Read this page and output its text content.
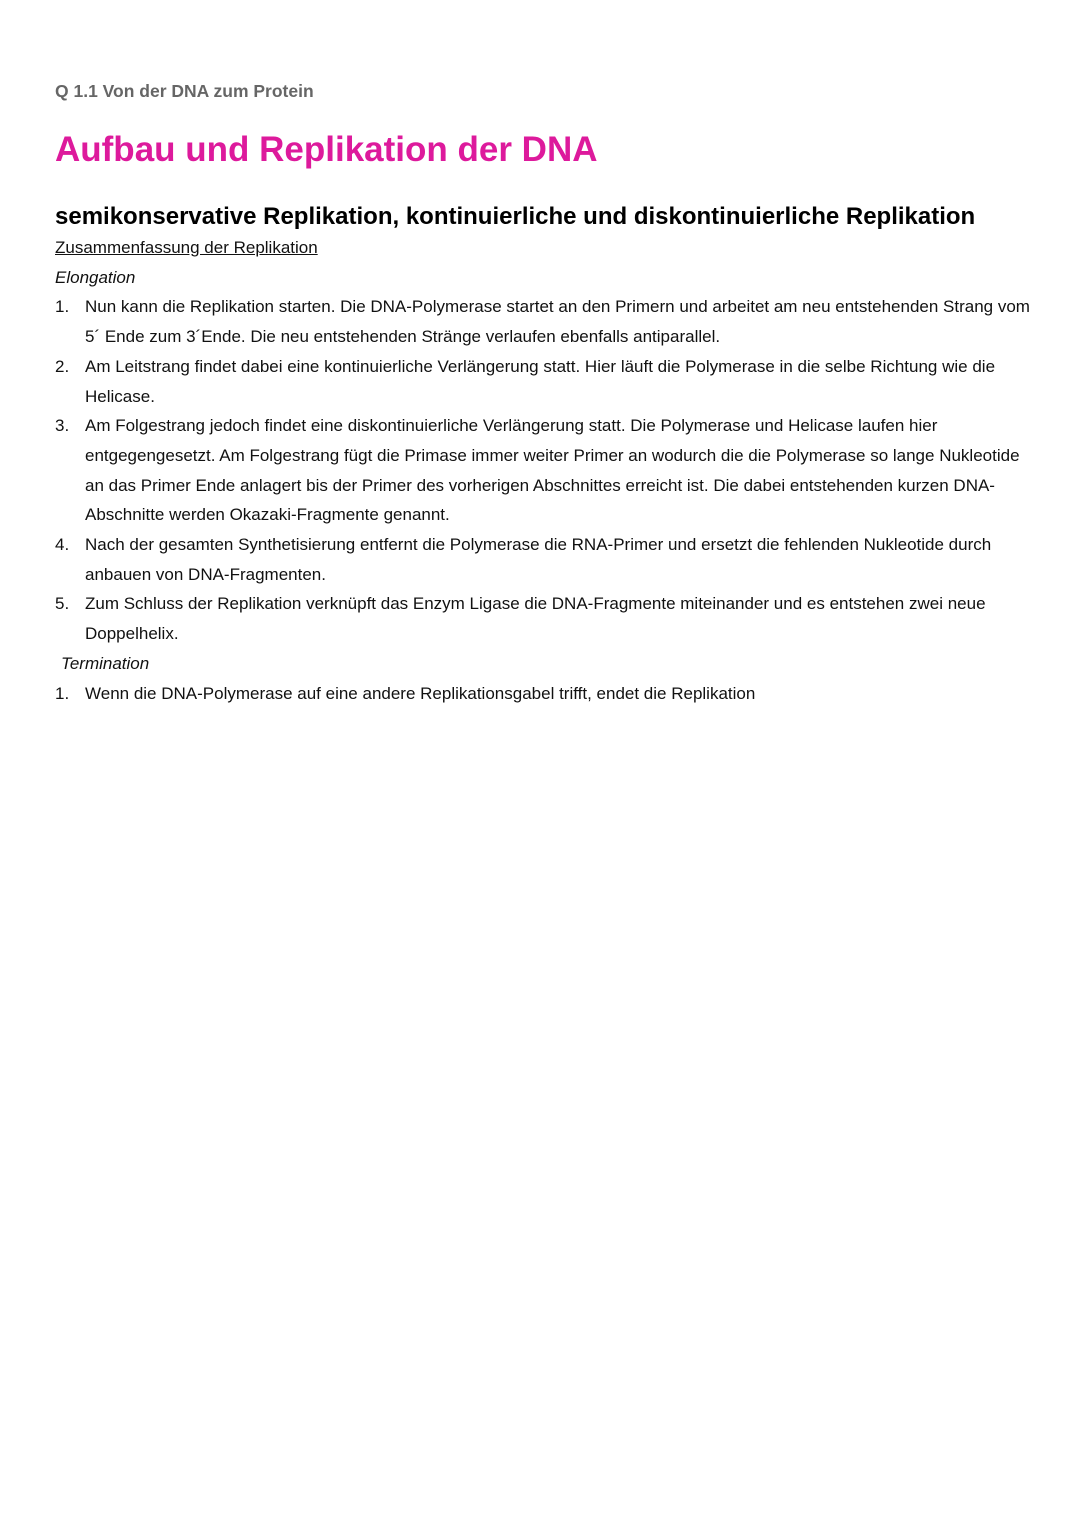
Q 1.1 Von der DNA zum Protein

Aufbau und Replikation der DNA
semikonservative Replikation, kontinuierliche und diskontinuierliche Replikation

Zusammenfassung der Replikation

Elongation

1. Nun kann die Replikation starten. Die DNA-Polymerase startet an den Primern und arbeitet am neu entstehenden Strang vom 5´ Ende zum 3´Ende. Die neu entstehenden Stränge verlaufen ebenfalls antiparallel.
2. Am Leitstrang findet dabei eine kontinuierliche Verlängerung statt. Hier läuft die Polymerase in die selbe Richtung wie die Helicase.
3. Am Folgestrang jedoch findet eine diskontinuierliche Verlängerung statt. Die Polymerase und Helicase laufen hier entgegengesetzt. Am Folgestrang fügt die Primase immer weiter Primer an wodurch die die Polymerase so lange Nukleotide an das Primer Ende anlagert bis der Primer des vorherigen Abschnittes erreicht ist. Die dabei entstehenden kurzen DNA-Abschnitte werden Okazaki-Fragmente genannt.
4. Nach der gesamten Synthetisierung entfernt die Polymerase die RNA-Primer und ersetzt die fehlenden Nukleotide durch anbauen von DNA-Fragmenten.
5. Zum Schluss der Replikation verknüpft das Enzym Ligase die DNA-Fragmente miteinander und es entstehen zwei neue Doppelhelix.

Termination

1. Wenn die DNA-Polymerase auf eine andere Replikationsgabel trifft, endet die Replikation
